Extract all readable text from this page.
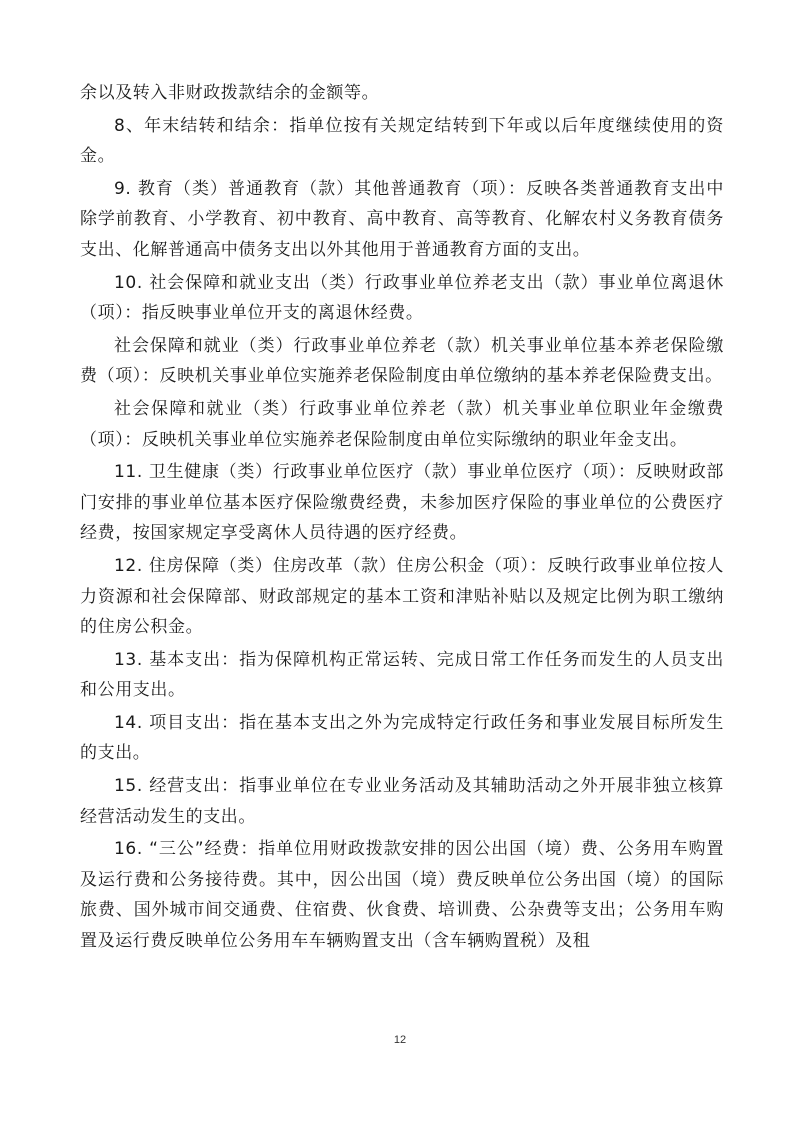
余以及转入非财政拨款结余的金额等。

8、年末结转和结余：指单位按有关规定结转到下年或以后年度继续使用的资金。

9. 教育（类）普通教育（款）其他普通教育（项）：反映各类普通教育支出中除学前教育、小学教育、初中教育、高中教育、高等教育、化解农村义务教育债务支出、化解普通高中债务支出以外其他用于普通教育方面的支出。

10. 社会保障和就业支出（类）行政事业单位养老支出（款）事业单位离退休（项）：指反映事业单位开支的离退休经费。

社会保障和就业（类）行政事业单位养老（款）机关事业单位基本养老保险缴费（项）：反映机关事业单位实施养老保险制度由单位缴纳的基本养老保险费支出。

社会保障和就业（类）行政事业单位养老（款）机关事业单位职业年金缴费（项）：反映机关事业单位实施养老保险制度由单位实际缴纳的职业年金支出。

11. 卫生健康（类）行政事业单位医疗（款）事业单位医疗（项）：反映财政部门安排的事业单位基本医疗保险缴费经费，未参加医疗保险的事业单位的公费医疗经费，按国家规定享受离休人员待遇的医疗经费。

12. 住房保障（类）住房改革（款）住房公积金（项）：反映行政事业单位按人力资源和社会保障部、财政部规定的基本工资和津贴补贴以及规定比例为职工缴纳的住房公积金。

13. 基本支出：指为保障机构正常运转、完成日常工作任务而发生的人员支出和公用支出。

14. 项目支出：指在基本支出之外为完成特定行政任务和事业发展目标所发生的支出。

15. 经营支出：指事业单位在专业业务活动及其辅助活动之外开展非独立核算经营活动发生的支出。

16. “三公”经费：指单位用财政拨款安排的因公出国（境）费、公务用车购置及运行费和公务接待费。其中，因公出国（境）费反映单位公务出国（境）的国际旅费、国外城市间交通费、住宿费、伙食费、培训费、公杂费等支出；公务用车购置及运行费反映单位公务用车车辆购置支出（含车辆购置税）及租

12
